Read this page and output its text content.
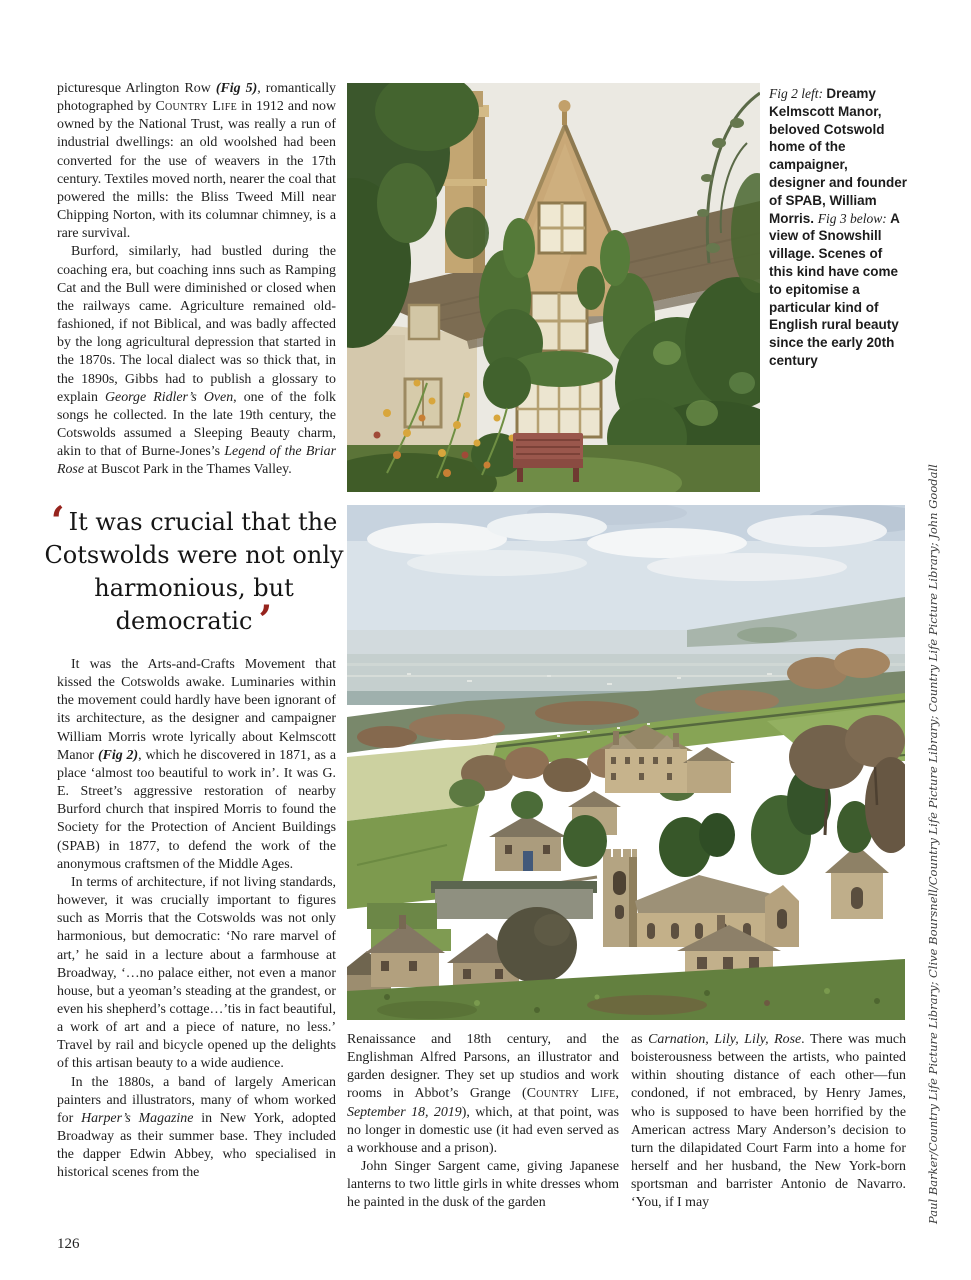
picturesque Arlington Row (Fig 5), romantically photographed by Country Life in 1912 and now owned by the National Trust, was really a run of industrial dwellings: an old woolshed had been converted for the use of weavers in the 17th century. Textiles moved north, nearer the coal that powered the mills: the Bliss Tweed Mill near Chipping Norton, with its columnar chimney, is a rare survival.

Burford, similarly, had bustled during the coaching era, but coaching inns such as Ramping Cat and the Bull were diminished or closed when the railways came. Agriculture remained old-fashioned, if not Biblical, and was badly affected by the long agricultural depression that started in the 1870s. The local dialect was so thick that, in the 1890s, Gibbs had to publish a glossary to explain George Ridler’s Oven, one of the folk songs he collected. In the late 19th century, the Cotswolds assumed a Sleeping Beauty charm, akin to that of Burne-Jones’s Legend of the Briar Rose at Buscot Park in the Thames Valley.

Fig 2 left: Dreamy Kelmscott Manor, beloved Cotswold home of the campaigner, designer and founder of SPAB, William Morris. Fig 3 below: A view of Snowshill village. Scenes of this kind have come to epitomise a particular kind of English rural beauty since the early 20th century
‘ It was crucial that the Cotswolds were not only harmonious, but democratic ’

It was the Arts-and-Crafts Movement that kissed the Cotswolds awake. Luminaries within the movement could hardly have been ignorant of its architecture, as the designer and campaigner William Morris wrote lyrically about Kelmscott Manor (Fig 2), which he discovered in 1871, as a place ‘almost too beautiful to work in’. It was G. E. Street’s aggressive restoration of nearby Burford church that inspired Morris to found the Society for the Protection of Ancient Buildings (SPAB) in 1877, to defend the work of the anonymous craftsmen of the Middle Ages.

In terms of architecture, if not living standards, however, it was crucially important to figures such as Morris that the Cotswolds was not only harmonious, but democratic: ‘No rare marvel of art,’ he said in a lecture about a farmhouse at Broadway, ‘…no palace either, not even a manor house, but a yeoman’s steading at the grandest, or even his shepherd’s cottage…’tis in fact beautiful, a work of art and a piece of nature, no less.’ Travel by rail and bicycle opened up the delights of this artisan beauty to a wide audience.

In the 1880s, a band of largely American painters and illustrators, many of whom worked for Harper’s Magazine in New York, adopted Broadway as their summer base. They included the dapper Edwin Abbey, who specialised in historical scenes from the

Renaissance and 18th century, and the Englishman Alfred Parsons, an illustrator and garden designer. They set up studios and work rooms in Abbot’s Grange (Country Life, September 18, 2019), which, at that point, was no longer in domestic use (it had even served as a workhouse and a prison).

John Singer Sargent came, giving Japanese lanterns to two little girls in white dresses whom he painted in the dusk of the garden

as Carnation, Lily, Lily, Rose. There was much boisterousness between the artists, who painted within shouting distance of each other—fun condoned, if not embraced, by Henry James, who is supposed to have been horrified by the American actress Mary Anderson’s decision to turn the dilapidated Court Farm into a home for herself and her husband, the New York-born sportsman and barrister Antonio de Navarro. ‘You, if I may	Paul Barker/Country Life Picture Library; Clive Boursnell/Country Life Picture Library; Country Life Picture Library; John Goodall
126
